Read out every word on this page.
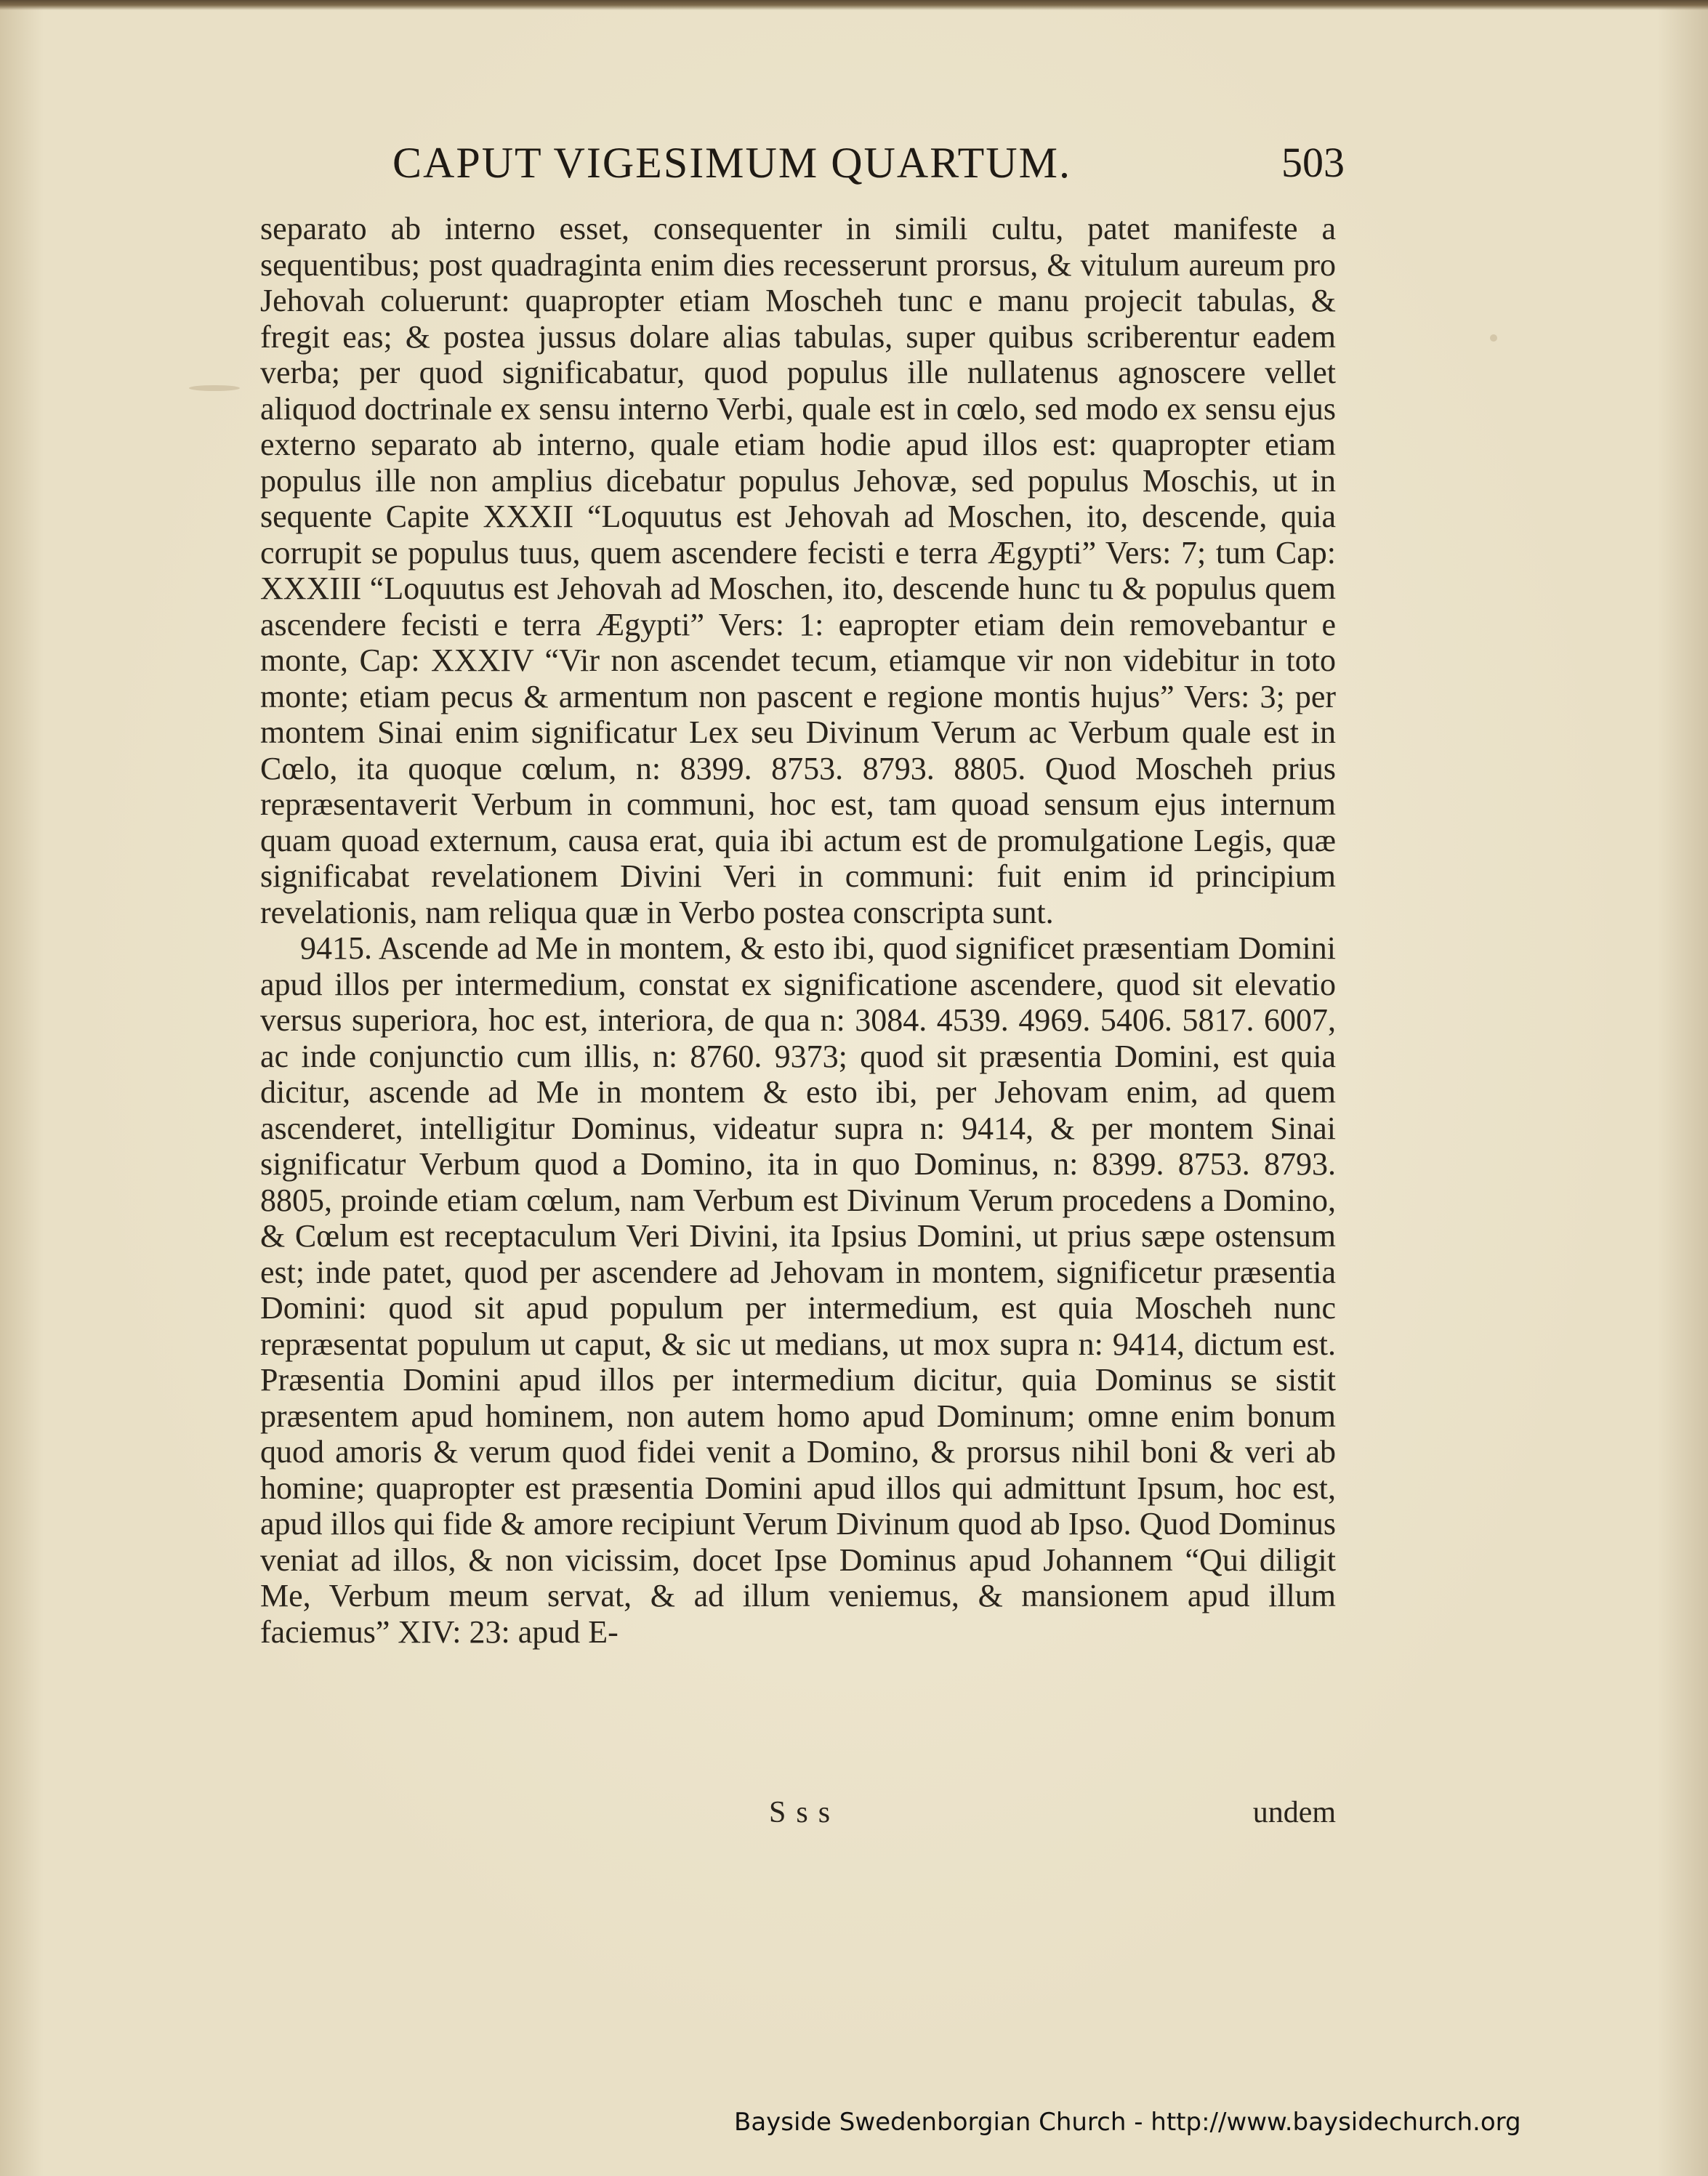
CAPUT VIGESIMUM QUARTUM.	503

separato ab interno esset, consequenter in simili cultu, patet manifeste a sequentibus; post quadraginta enim dies recesserunt prorsus, & vitulum aureum pro Jehovah coluerunt: quapropter etiam Moscheh tunc e manu projecit tabulas, & fregit eas; & postea jussus dolare alias tabulas, super quibus scriberentur eadem verba; per quod significabatur, quod populus ille nullatenus agnoscere vellet aliquod doctrinale ex sensu interno Verbi, quale est in cœlo, sed modo ex sensu ejus externo separato ab interno, quale etiam hodie apud illos est: quapropter etiam populus ille non amplius dicebatur populus Jehovæ, sed populus Moschis, ut in sequente Capite XXXII “Loquutus est Jehovah ad Moschen, ito, descende, quia corrupit se populus tuus, quem ascendere fecisti e terra Ægypti” Vers: 7; tum Cap: XXXIII “Loquutus est Jehovah ad Moschen, ito, descende hunc tu & populus quem ascendere fecisti e terra Ægypti” Vers: 1: eapropter etiam dein removebantur e monte, Cap: XXXIV “Vir non ascendet tecum, etiamque vir non videbitur in toto monte; etiam pecus & armentum non pascent e regione montis hujus” Vers: 3; per montem Sinai enim significatur Lex seu Divinum Verum ac Verbum quale est in Cœlo, ita quoque cœlum, n: 8399. 8753. 8793. 8805. Quod Moscheh prius repræsentaverit Verbum in communi, hoc est, tam quoad sensum ejus internum quam quoad externum, causa erat, quia ibi actum est de promulgatione Legis, quæ significabat revelationem Divini Veri in communi: fuit enim id principium revelationis, nam reliqua quæ in Verbo postea conscripta sunt.

9415. Ascende ad Me in montem, & esto ibi, quod significet præsentiam Domini apud illos per intermedium, constat ex significatione ascendere, quod sit elevatio versus superiora, hoc est, interiora, de qua n: 3084. 4539. 4969. 5406. 5817. 6007, ac inde conjunctio cum illis, n: 8760. 9373; quod sit præsentia Domini, est quia dicitur, ascende ad Me in montem & esto ibi, per Jehovam enim, ad quem ascenderet, intelligitur Dominus, videatur supra n: 9414, & per montem Sinai significatur Verbum quod a Domino, ita in quo Dominus, n: 8399. 8753. 8793. 8805, proinde etiam cœlum, nam Verbum est Divinum Verum procedens a Domino, & Cœlum est receptaculum Veri Divini, ita Ipsius Domini, ut prius sæpe ostensum est; inde patet, quod per ascendere ad Jehovam in montem, significetur præsentia Domini: quod sit apud populum per intermedium, est quia Moscheh nunc repræsentat populum ut caput, & sic ut medians, ut mox supra n: 9414, dictum est. Præsentia Domini apud illos per intermedium dicitur, quia Dominus se sistit præsentem apud hominem, non autem homo apud Dominum; omne enim bonum quod amoris & verum quod fidei venit a Domino, & prorsus nihil boni & veri ab homine; quapropter est præsentia Domini apud illos qui admittunt Ipsum, hoc est, apud illos qui fide & amore recipiunt Verum Divinum quod ab Ipso. Quod Dominus veniat ad illos, & non vicissim, docet Ipse Dominus apud Johannem “Qui diligit Me, Verbum meum servat, & ad illum veniemus, & mansionem apud illum faciemus” XIV: 23: apud E-

Sss	undem
Bayside Swedenborgian Church - http://www.baysidechurch.org
